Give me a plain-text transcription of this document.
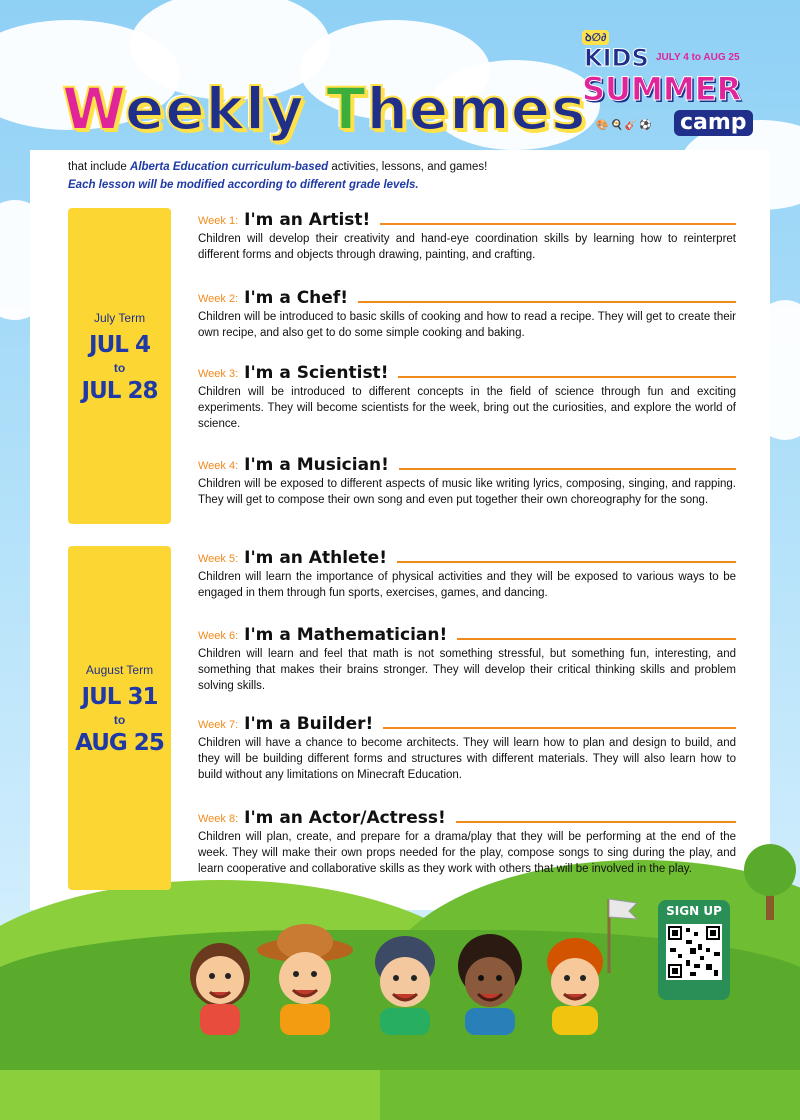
Weekly Themes
ꝺ∅∂
KIDS JULY 4 to AUG 25
SUMMER
camp
🎨🍳🎸⚽
that include Alberta Education curriculum-based activities, lessons, and games!
Each lesson will be modified according to different grade levels.
July Term
JUL 4
to
JUL 28
August Term
JUL 31
to
AUG 25
Week 1: I'm an Artist!
Children will develop their creativity and hand-eye coordination skills by learning how to reinterpret different forms and objects through drawing, painting, and crafting.
Week 2: I'm a Chef!
Children will be introduced to basic skills of cooking and how to read a recipe. They will get to create their own recipe, and also get to do some simple cooking and baking.
Week 3: I'm a Scientist!
Children will be introduced to different concepts in the field of science through fun and exciting experiments. They will become scientists for the week, bring out the curiosities, and explore the world of science.
Week 4: I'm a Musician!
Children will be exposed to different aspects of music like writing lyrics, composing, singing, and rapping. They will get to compose their own song and even put together their own choreography for the song.
Week 5: I'm an Athlete!
Children will learn the importance of physical activities and they will be exposed to various ways to be engaged in them through fun sports, exercises, games, and dancing.
Week 6: I'm a Mathematician!
Children will learn and feel that math is not something stressful, but something fun, interesting, and something that makes their brains stronger. They will develop their critical thinking skills and problem solving skills.
Week 7: I'm a Builder!
Children will have a chance to become architects. They will learn how to plan and design to build, and they will be building different forms and structures with different materials. They will also learn how to build without any limitations on Minecraft Education.
Week 8: I'm an Actor/Actress!
Children will plan, create, and prepare for a drama/play that they will be performing at the end of the week. They will make their own props needed for the play, compose songs to sing during the play, and learn cooperative and collaborative skills as they work with others that will be involved in the play.
SIGN UP
